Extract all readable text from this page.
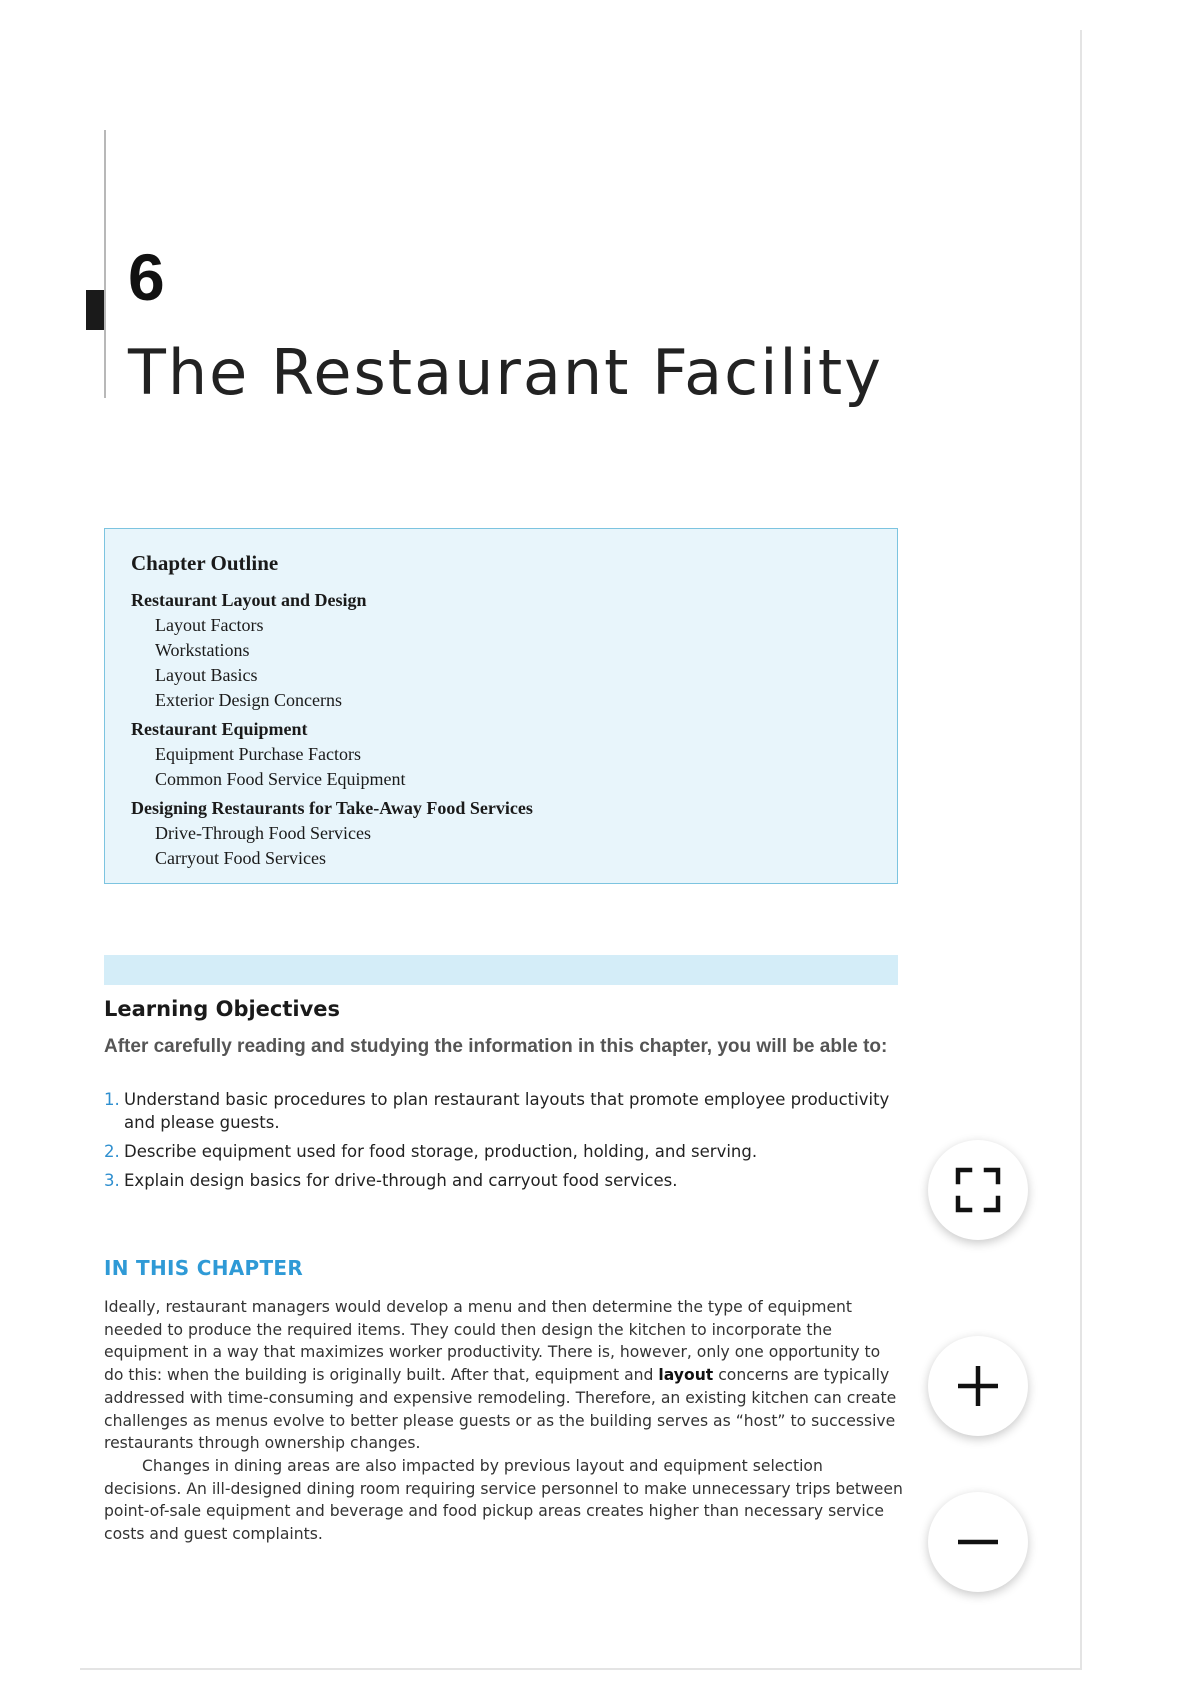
6
The Restaurant Facility
Chapter Outline
Restaurant Layout and Design
Layout Factors
Workstations
Layout Basics
Exterior Design Concerns
Restaurant Equipment
Equipment Purchase Factors
Common Food Service Equipment
Designing Restaurants for Take-Away Food Services
Drive-Through Food Services
Carryout Food Services
Learning Objectives
After carefully reading and studying the information in this chapter, you will be able to:
1. Understand basic procedures to plan restaurant layouts that promote employee productivity and please guests.
2. Describe equipment used for food storage, production, holding, and serving.
3. Explain design basics for drive-through and carryout food services.
IN THIS CHAPTER

Ideally, restaurant managers would develop a menu and then determine the type of equipment needed to produce the required items. They could then design the kitchen to incorporate the equipment in a way that maximizes worker productivity. There is, however, only one opportunity to do this: when the building is originally built. After that, equipment and layout concerns are typically addressed with time-consuming and expensive remodeling. Therefore, an existing kitchen can create challenges as menus evolve to better please guests or as the building serves as “host” to successive restaurants through ownership changes.

Changes in dining areas are also impacted by previous layout and equipment selection decisions. An ill-designed dining room requiring service personnel to make unnecessary trips between point-of-sale equipment and beverage and food pickup areas creates higher than necessary service costs and guest complaints.
